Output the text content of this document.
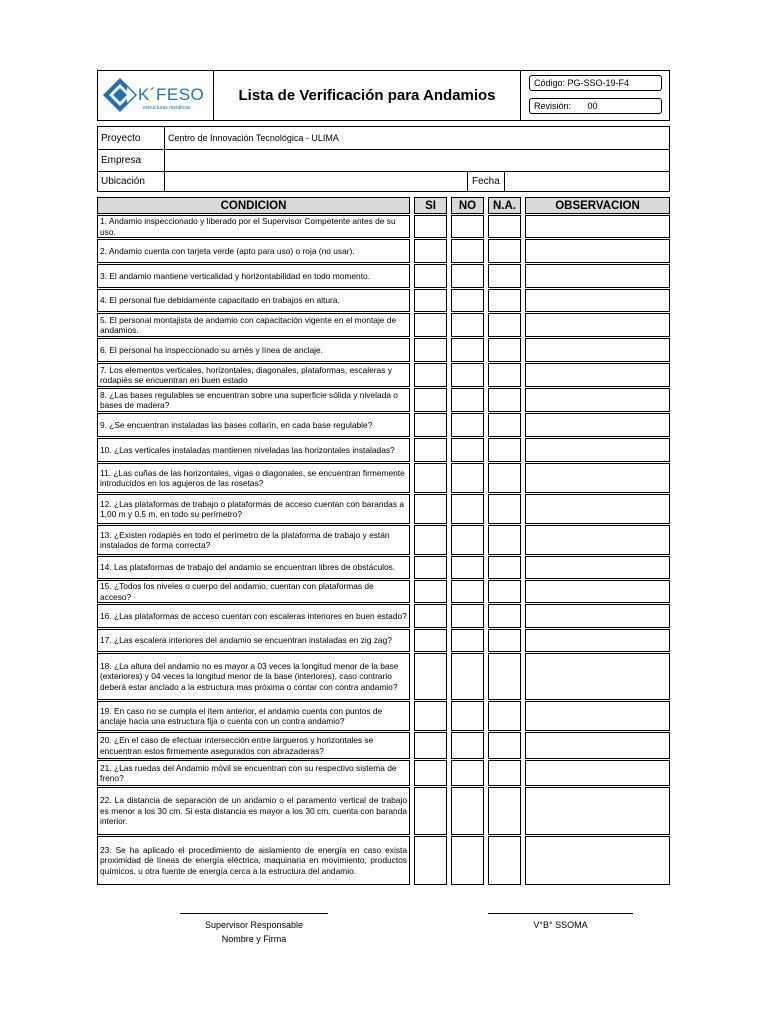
K´FESO
estructuras metálicas
Lista de Verificación para Andamios
Código: PG-SSO-19-F4
Revisión: 00
Proyecto	Centro de Innovación Tecnológica - ULIMA
Empresa
Ubicación	Fecha
CONDICION	SI	NO	N.A.	OBSERVACION
1. Andamio inspeccionado y liberado por el Supervisor Competente antes de su uso.
2. Andamio cuenta con tarjeta verde (apto para uso) o roja (no usar).
3. El andamio mantiene verticalidad y horizontabilidad en todo momento.
4. El personal fue debidamente capacitado en trabajos en altura.
5. El personal montajista de andamio con capacitación vigente en el montaje de andamios.
6. El personal ha inspeccionado su arnés y línea de anclaje.
7. Los elementos verticales, horizontales, diagonales, plataformas, escaleras y rodapiés se encuentran en buen estado
8. ¿Las bases regulables se encuentran sobre una superficie sólida y nivelada o bases de madera?
9. ¿Se encuentran instaladas las bases collarín, en cada base regulable?
10. ¿Las verticales instaladas mantienen niveladas las horizontales instaladas?
11. ¿Las cuñas de las horizontales, vigas o diagonales, se encuentran firmemente introducidos en los agujeros de las rosetas?
12. ¿Las plataformas de trabajo o plataformas de acceso cuentan con barandas a 1,00 m y 0.5 m, en todo su perímetro?
13. ¿Existen rodapiés en todo el perímetro de la plataforma de trabajo y están instalados de forma correcta?
14. Las plataformas de trabajo del andamio se encuentran libres de obstáculos.
15. ¿Todos los niveles o cuerpo del andamio, cuentan con plataformas de acceso?
16. ¿Las plataformas de acceso cuentan con escaleras interiores en buen estado?
17. ¿Las escalera interiores del andamio se encuentran instaladas en zig zag?
18. ¿La altura del andamio no es mayor a 03 veces la longitud menor de la base (exteriores) y 04 veces la longitud menor de la base (interiores), caso contrario deberá estar anclado a la estructura mas próxima o contar con contra andamio?
19. En caso no se cumpla el ítem anterior, el andamio cuenta con puntos de anclaje hacia una estructura fija o cuenta con un contra andamio?
20. ¿En el caso de efectuar intersección entre largueros y horizontales se encuentran estos firmemente asegurados con abrazaderas?
21. ¿Las ruedas del Andamio móvil se encuentran con su respectivo sistema de freno?
22. La distancia de separación de un andamio o el paramento vertical de trabajo es menor a los 30 cm. Si esta distancia es mayor a los 30 cm. cuenta con baranda interior.
23. Se ha aplicado el procedimiento de aislamiento de energía en caso exista proximidad de líneas de energía eléctrica, maquinaria en movimiento, productos químicos, u otra fuente de energía cerca a la estructura del andamio.
Supervisor Responsable
Nombre y Firma
V°B° SSOMA
